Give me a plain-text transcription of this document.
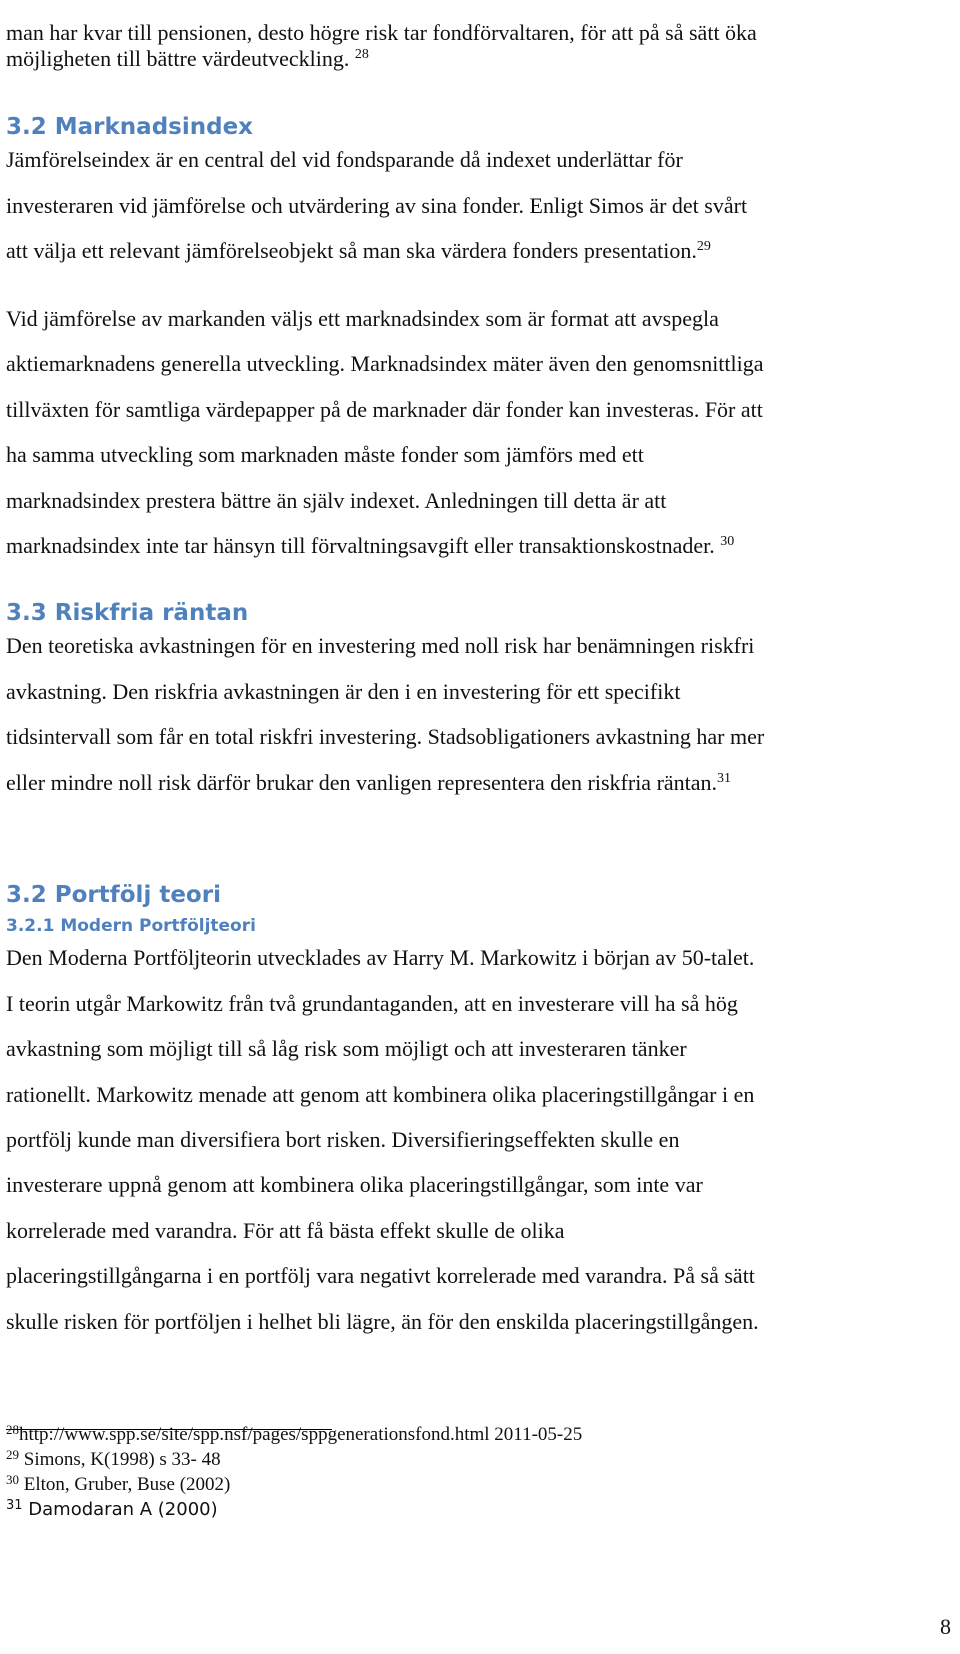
man har kvar till pensionen, desto högre risk tar fondförvaltaren, för att på så sätt öka

möjligheten till bättre värdeutveckling. $^{28}$

3.2 Marknadsindex

Jämförelseindex är en central del vid fondsparande då indexet underlättar för

investeraren vid jämförelse och utvärdering av sina fonder. Enligt Simos är det svårt

att välja ett relevant jämförelseobjekt så man ska värdera fonders presentation.$^{29}$

Vid jämförelse av markanden väljs ett marknadsindex som är format att avspegla

aktiemarknadens generella utveckling. Marknadsindex mäter även den genomsnittliga

tillväxten för samtliga värdepapper på de marknader där fonder kan investeras. För att

ha samma utveckling som marknaden måste fonder som jämförs med ett

marknadsindex prestera bättre än själv indexet. Anledningen till detta är att

marknadsindex inte tar hänsyn till förvaltningsavgift eller transaktionskostnader. $^{30}$

3.3 Riskfria räntan

Den teoretiska avkastningen för en investering med noll risk har benämningen riskfri

avkastning. Den riskfria avkastningen är den i en investering för ett specifikt

tidsintervall som får en total riskfri investering. Stadsobligationers avkastning har mer

eller mindre noll risk därför brukar den vanligen representera den riskfria räntan.$^{31}$

3.2 Portfölj teori
3.2.1 Modern Portföljteori

Den Moderna Portföljteorin utvecklades av Harry M. Markowitz i början av 50-talet.

I teorin utgår Markowitz från två grundantaganden, att en investerare vill ha så hög

avkastning som möjligt till så låg risk som möjligt och att investeraren tänker

rationellt. Markowitz menade att genom att kombinera olika placeringstillgångar i en

portfölj kunde man diversifiera bort risken. Diversifieringseffekten skulle en

investerare uppnå genom att kombinera olika placeringstillgångar, som inte var

korrelerade med varandra. För att få bästa effekt skulle de olika

placeringstillgångarna i en portfölj vara negativt korrelerade med varandra. På så sätt

skulle risken för portföljen i helhet bli lägre, än för den enskilda placeringstillgången.

$^{28}$http://www.spp.se/site/spp.nsf/pages/sppgenerationsfond.html 2011-05-25

$^{29}$ Simons, K(1998) s 33- 48

$^{30}$ Elton, Gruber, Buse (2002)

$^{31}$ Damodaran A (2000)

8
